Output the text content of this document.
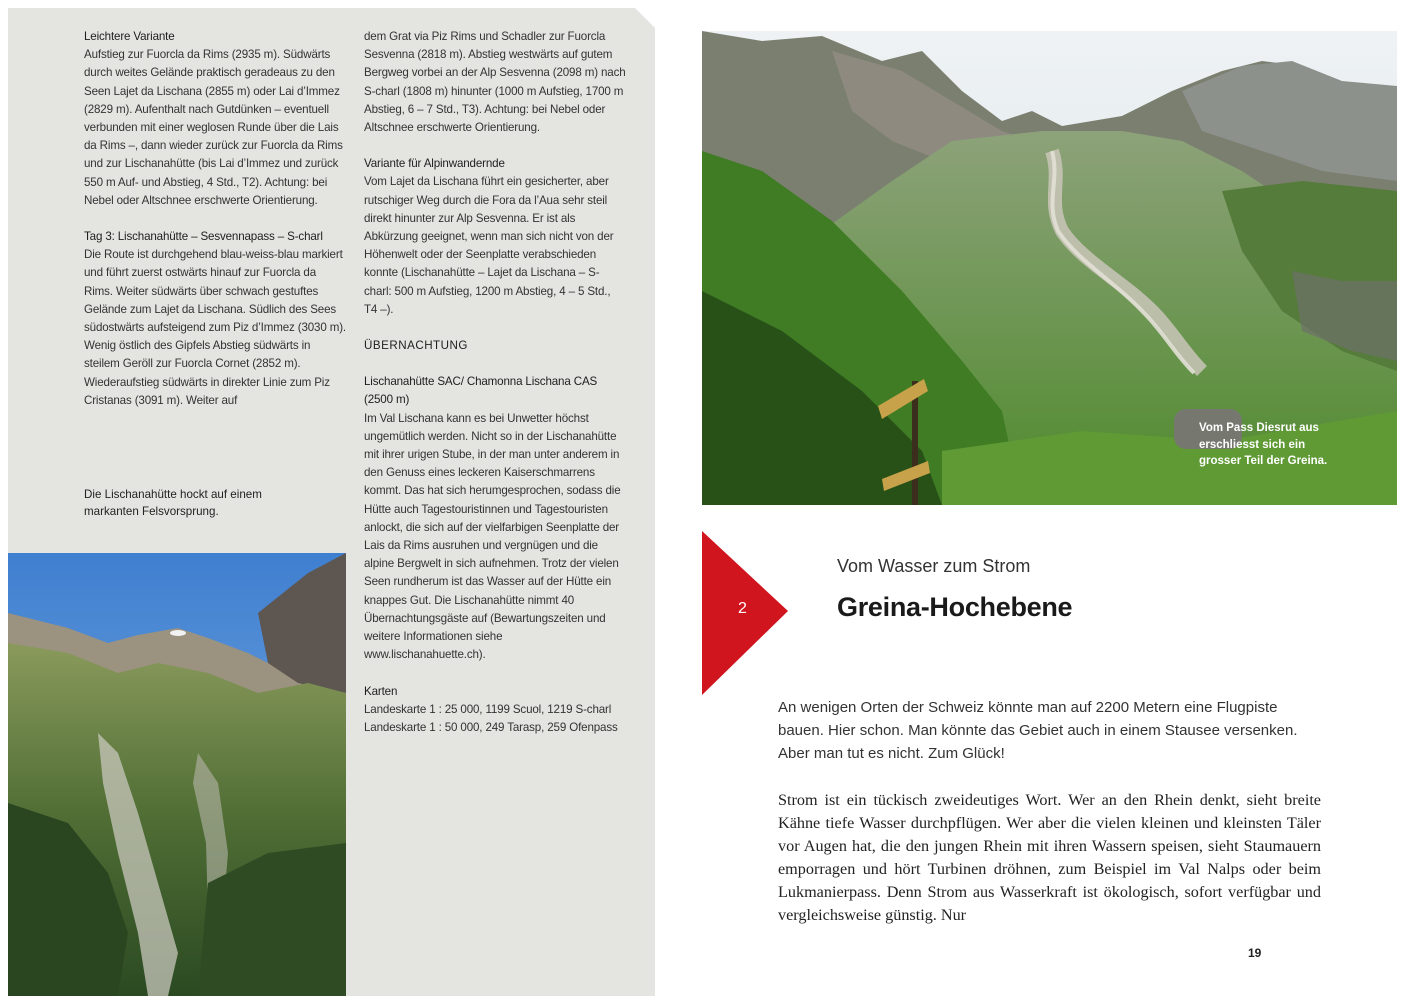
Leichtere Variante

Aufstieg zur Fuorcla da Rims (2935 m). Südwärts durch weites Gelände praktisch geradeaus zu den Seen Lajet da Lischana (2855 m) oder Lai d’Immez (2829 m). Aufenthalt nach Gutdünken – eventuell verbunden mit einer weglosen Runde über die Lais da Rims –, dann wieder zurück zur Fuorcla da Rims und zur Lischanahütte (bis Lai d’Immez und zurück 550 m Auf- und Abstieg, 4 Std., T2). Achtung: bei Nebel oder Altschnee erschwerte Orientierung.

Tag 3: Lischanahütte – Sesvennapass – S-charl

Die Route ist durchgehend blau-weiss-blau markiert und führt zuerst ostwärts hinauf zur Fuorcla da Rims. Weiter südwärts über schwach gestuftes Gelände zum Lajet da Lischana. Südlich des Sees südostwärts aufsteigend zum Piz d’Immez (3030 m). Wenig östlich des Gipfels Abstieg südwärts in steilem Geröll zur Fuorcla Cornet (2852 m). Wiederaufstieg südwärts in direkter Linie zum Piz Cristanas (3091 m). Weiter auf

Die Lischanahütte hockt auf einem markanten Felsvorsprung.

dem Grat via Piz Rims und Schadler zur Fuorcla Sesvenna (2818 m). Abstieg westwärts auf gutem Bergweg vorbei an der Alp Sesvenna (2098 m) nach S-charl (1808 m) hinunter (1000 m Aufstieg, 1700 m Abstieg, 6 – 7 Std., T3). Achtung: bei Nebel oder Altschnee erschwerte Orientierung.

Variante für Alpinwandernde

Vom Lajet da Lischana führt ein gesicherter, aber rutschiger Weg durch die Fora da l’Aua sehr steil direkt hinunter zur Alp Sesvenna. Er ist als Abkürzung geeignet, wenn man sich nicht von der Höhenwelt oder der Seenplatte verabschieden konnte (Lischanahütte – Lajet da Lischana – S-charl: 500 m Aufstieg, 1200 m Abstieg, 4 – 5 Std., T4 –).

ÜBERNACHTUNG

Lischanahütte SAC/ Chamonna Lischana CAS (2500 m)

Im Val Lischana kann es bei Unwetter höchst ungemütlich werden. Nicht so in der Lischanahütte mit ihrer urigen Stube, in der man unter anderem in den Genuss eines leckeren Kaiserschmarrens kommt. Das hat sich herumgesprochen, sodass die Hütte auch Tagestouristinnen und Tagestouristen anlockt, die sich auf der vielfarbigen Seenplatte der Lais da Rims ausruhen und vergnügen und die alpine Bergwelt in sich aufnehmen. Trotz der vielen Seen rundherum ist das Wasser auf der Hütte ein knappes Gut. Die Lischanahütte nimmt 40 Übernachtungsgäste auf (Bewartungszeiten und weitere Informationen siehe www.lischanahuette.ch).

Karten

Landeskarte 1 : 25 000, 1199 Scuol, 1219 S-charl Landeskarte 1 : 50 000, 249 Tarasp, 259 Ofenpass

Vom Pass Diesrut aus erschliesst sich ein grosser Teil der Greina.
2
Vom Wasser zum Strom
Greina-Hochebene
An wenigen Orten der Schweiz könnte man auf 2200 Metern eine Flugpiste bauen. Hier schon. Man könnte das Gebiet auch in einem Stausee versenken. Aber man tut es nicht. Zum Glück!

Strom ist ein tückisch zweideutiges Wort. Wer an den Rhein denkt, sieht breite Kähne tiefe Wasser durchpflügen. Wer aber die vielen kleinen und kleinsten Täler vor Augen hat, die den jungen Rhein mit ihren Wassern speisen, sieht Staumauern emporragen und hört Turbinen dröhnen, zum Beispiel im Val Nalps oder beim Lukmanierpass. Denn Strom aus Wasserkraft ist ökologisch, sofort verfügbar und vergleichsweise günstig. Nur

19
